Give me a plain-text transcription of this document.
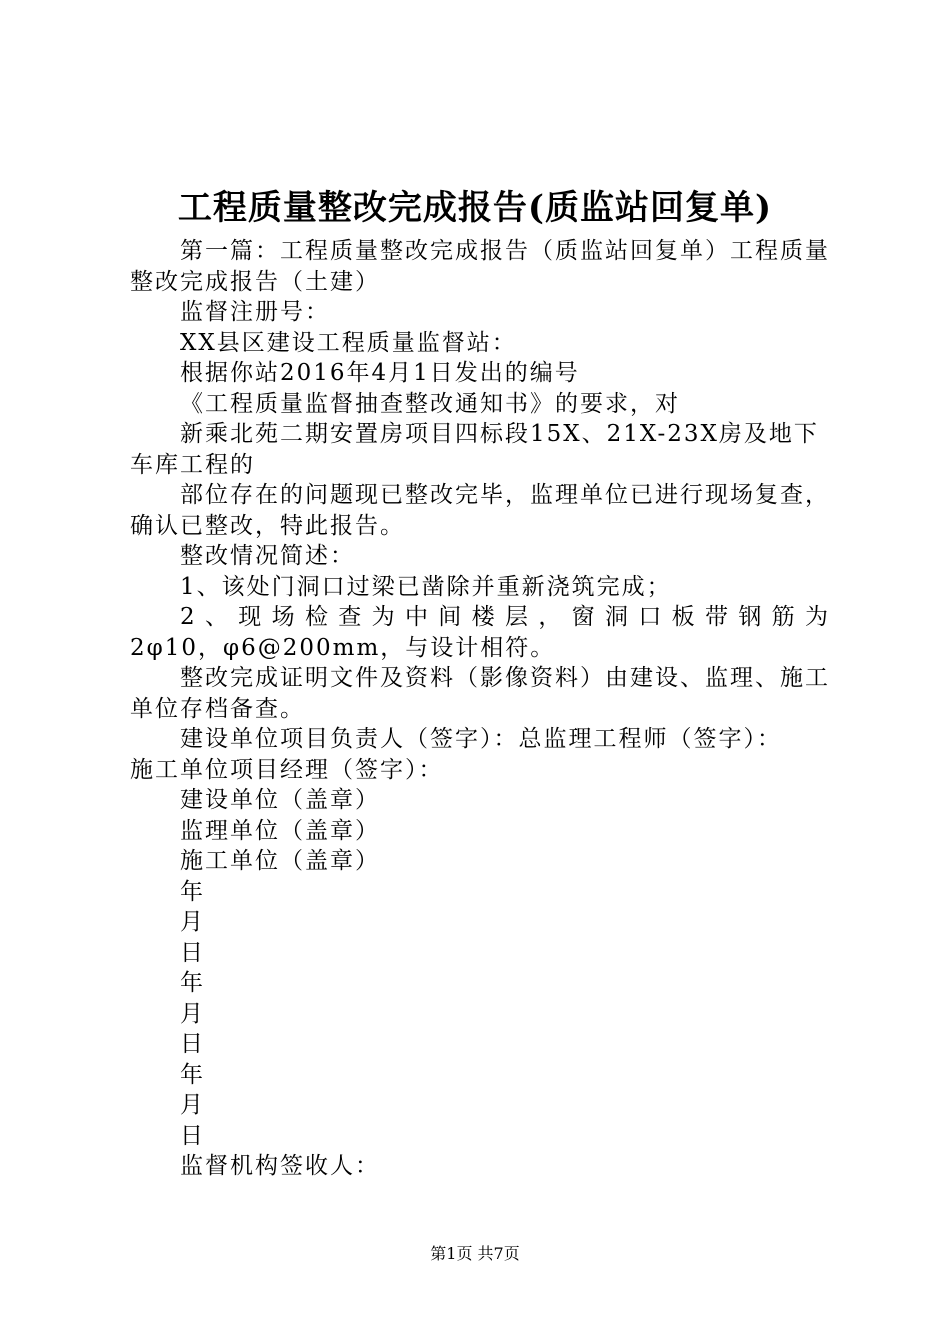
工程质量整改完成报告(质监站回复单)

第一篇：工程质量整改完成报告（质监站回复单）工程质量整改完成报告（土建）

监督注册号：

XX县区建设工程质量监督站：

根据你站2016年4月1日发出的编号

《工程质量监督抽查整改通知书》的要求，对

新乘北苑二期安置房项目四标段15X、21X-23X房及地下车库工程的

部位存在的问题现已整改完毕，监理单位已进行现场复查，确认已整改，特此报告。

整改情况简述：

1、该处门洞口过梁已凿除并重新浇筑完成；

2、现场检查为中间楼层，窗洞口板带钢筋为

2φ10，φ6@200mm，与设计相符。

整改完成证明文件及资料（影像资料）由建设、监理、施工单位存档备查。

建设单位项目负责人（签字）：总监理工程师（签字）：

施工单位项目经理（签字）：

建设单位（盖章）

监理单位（盖章）

施工单位（盖章）

年

月

日

年

月

日

年

月

日

监督机构签收人：

第1页 共7页
